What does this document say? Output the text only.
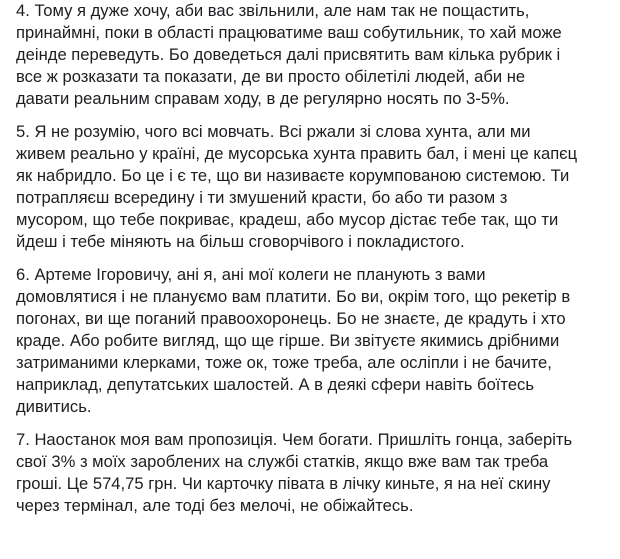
4. Тому я дуже хочу, аби вас звільнили, але нам так не пощастить,
принаймні, поки в області працюватиме ваш собутильник, то хай може
деінде переведуть. Бо доведеться далі присвятить вам кілька рубрик і
все ж розказати та показати, де ви просто обілетілі людей, аби не
давати реальним справам ходу, в де регулярно носять по 3-5%.
5. Я не розумію, чого всі мовчать. Всі ржали зі слова хунта, али ми
живем реально у країні, де мусорська хунта править бал, і мені це капєц
як набридло. Бо це і є те, що ви називаєте корумпованою системою. Ти
потрапляєш всередину і ти змушений красти, бо або ти разом з
мусором, що тебе покриває, крадеш, або мусор дістає тебе так, що ти
йдеш і тебе міняють на більш сговорчівого і покладистого.
6. Артеме Ігоровичу, ані я, ані мої колеги не планують з вами
домовлятися і не плануємо вам платити. Бо ви, окрім того, що рекетір в
погонах, ви ще поганий правоохоронець. Бо не знаєте, де крадуть і хто
краде. Або робите вигляд, що ще гірше. Ви звітуєте якимись дрібними
затриманими клерками, тоже ок, тоже треба, але осліпли і не бачите,
наприклад, депутатських шалостей. А в деякі сфери навіть боїтесь
дивитись.
7. Наостанок моя вам пропозиція. Чем богати. Пришліть гонца, заберіть
свої 3% з моїх зароблених на службі статків, якщо вже вам так треба
гроші. Це 574,75 грн. Чи карточку півата в лічку киньте, я на неї скину
через термінал, але тоді без мелочі, не обіжайтесь.
